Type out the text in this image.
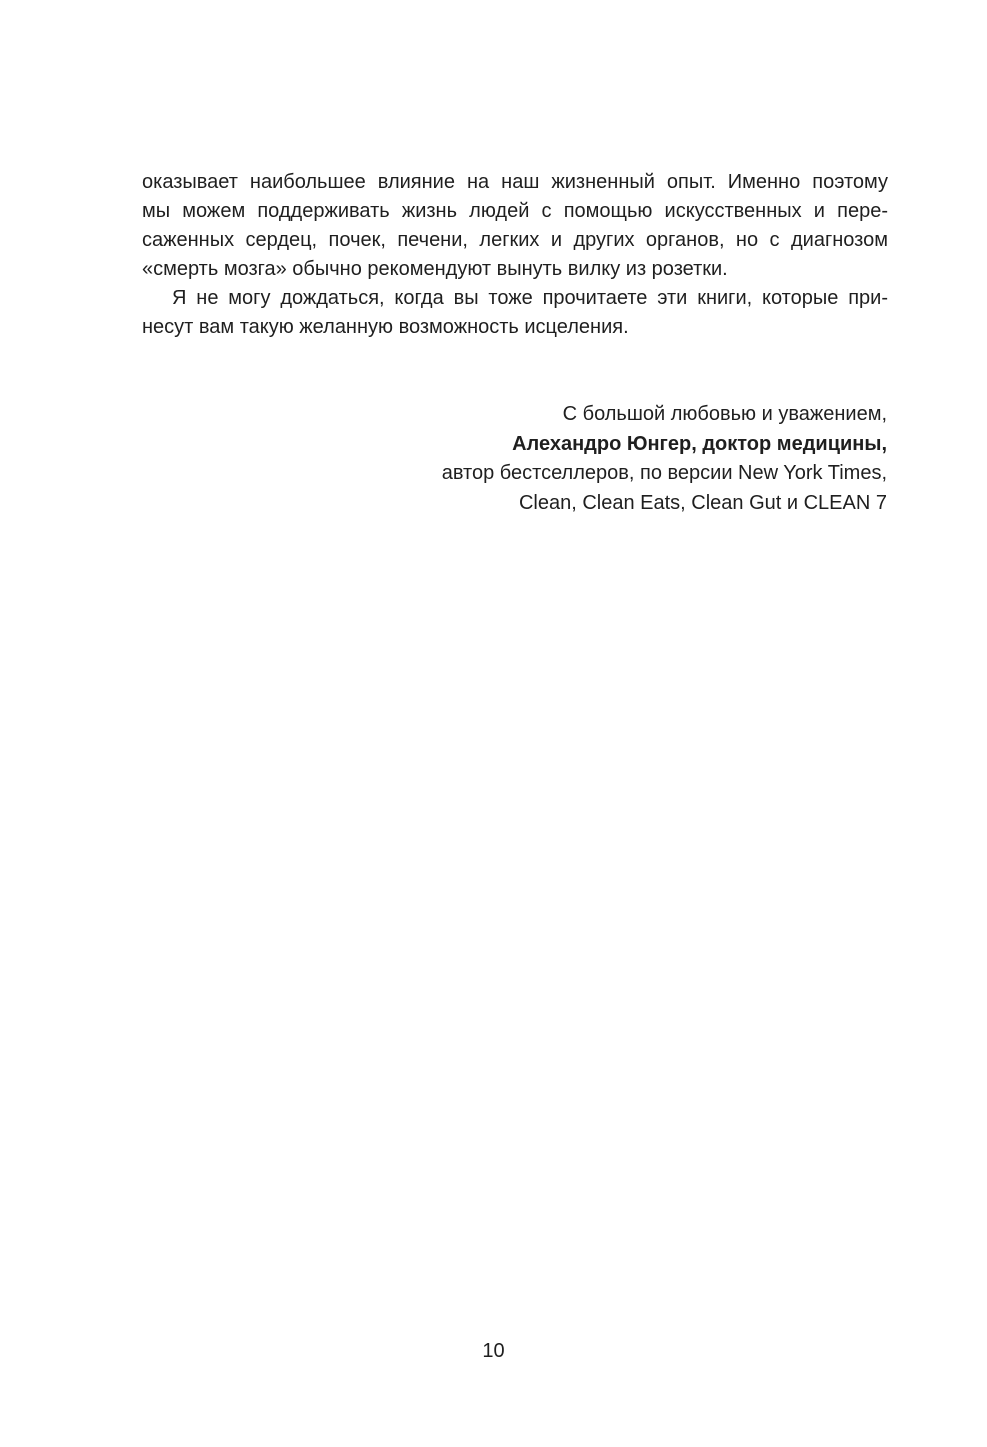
оказывает наибольшее влияние на наш жизненный опыт. Именно поэтому
мы можем поддерживать жизнь людей с помощью искусственных и пере-
саженных сердец, почек, печени, легких и других органов, но с диагнозом
«смерть мозга» обычно рекомендуют вынуть вилку из розетки.
Я не могу дождаться, когда вы тоже прочитаете эти книги, которые при-
несут вам такую желанную возможность исцеления.
С большой любовью и уважением,
Алехандро Юнгер, доктор медицины,
автор бестселлеров, по версии New York Times,
Clean, Clean Eats, Clean Gut и CLEAN 7
10
